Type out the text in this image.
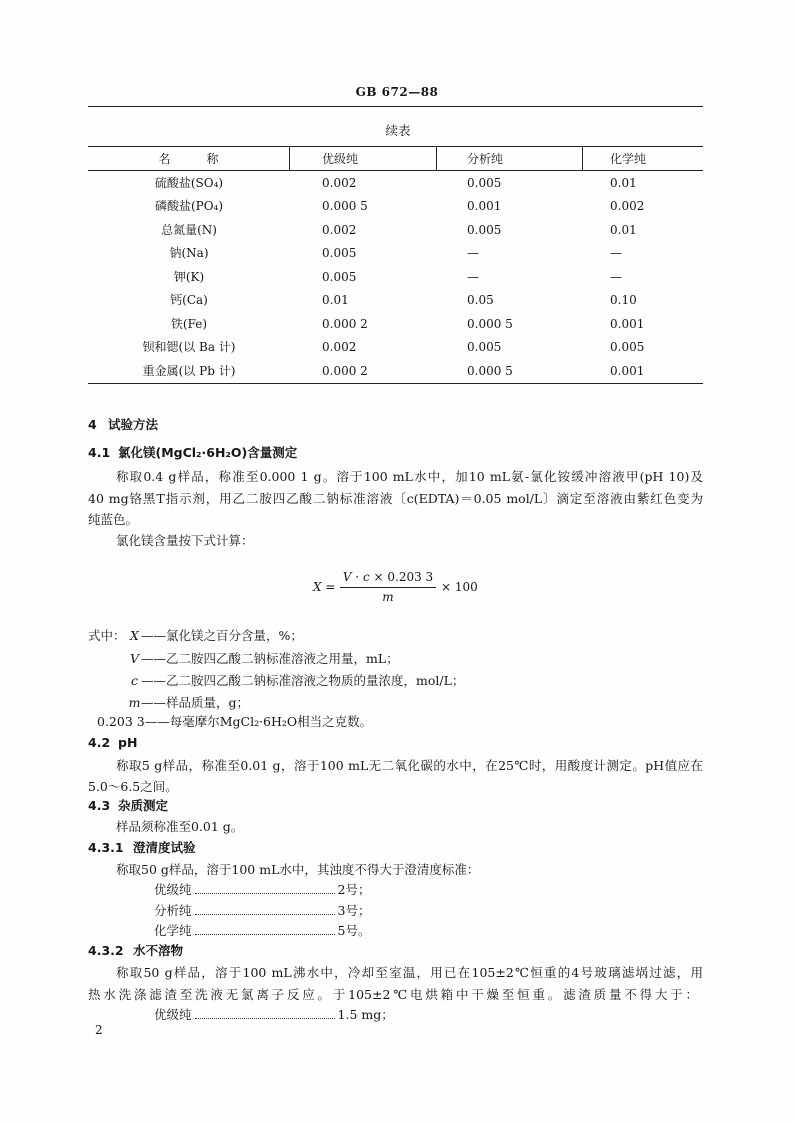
GB 672—88
续表
名　　　称	优级纯	分析纯	化学纯
硫酸盐(SO₄)	0.002	0.005	0.01
磷酸盐(PO₄)	0.000 5	0.001	0.002
总氮量(N)	0.002	0.005	0.01
钠(Na)	0.005	—	—
钾(K)	0.005	—	—
钙(Ca)	0.01	0.05	0.10
铁(Fe)	0.000 2	0.000 5	0.001
钡和锶(以 Ba 计)	0.002	0.005	0.005
重金属(以 Pb 计)	0.000 2	0.000 5	0.001
4 试验方法
4.1 氯化镁(MgCl₂·6H₂O)含量测定
称取0.4 g样品，称准至0.000 1 g。溶于100 mL水中，加10 mL氨-氯化铵缓冲溶液甲(pH 10)及
40 mg铬黑T指示剂，用乙二胺四乙酸二钠标准溶液〔c(EDTA)＝0.05 mol/L〕滴定至溶液由紫红色变为
纯蓝色。
氯化镁含量按下式计算：
X =
V · c × 0.203 3
m
× 100
式中： X ——氯化镁之百分含量，%；
V ——乙二胺四乙酸二钠标准溶液之用量，mL；
c ——乙二胺四乙酸二钠标准溶液之物质的量浓度，mol/L；
m——样品质量，g；
0.203 3——每毫摩尔MgCl₂·6H₂O相当之克数。
4.2 pH
称取5 g样品，称准至0.01 g，溶于100 mL无二氧化碳的水中，在25℃时，用酸度计测定。pH值应在
5.0～6.5之间。
4.3 杂质测定
样品须称准至0.01 g。
4.3.1 澄清度试验
称取50 g样品，溶于100 mL水中，其浊度不得大于澄清度标准：
优级纯	2号；
分析纯	3号；
化学纯	5号。
4.3.2 水不溶物
称取50 g样品，溶于100 mL沸水中，冷却至室温，用已在105±2℃恒重的4号玻璃滤埚过滤，用
热水洗涤滤渣至洗液无氯离子反应。于105±2℃电烘箱中干燥至恒重。滤渣质量不得大于：
优级纯	1.5 mg；
2
